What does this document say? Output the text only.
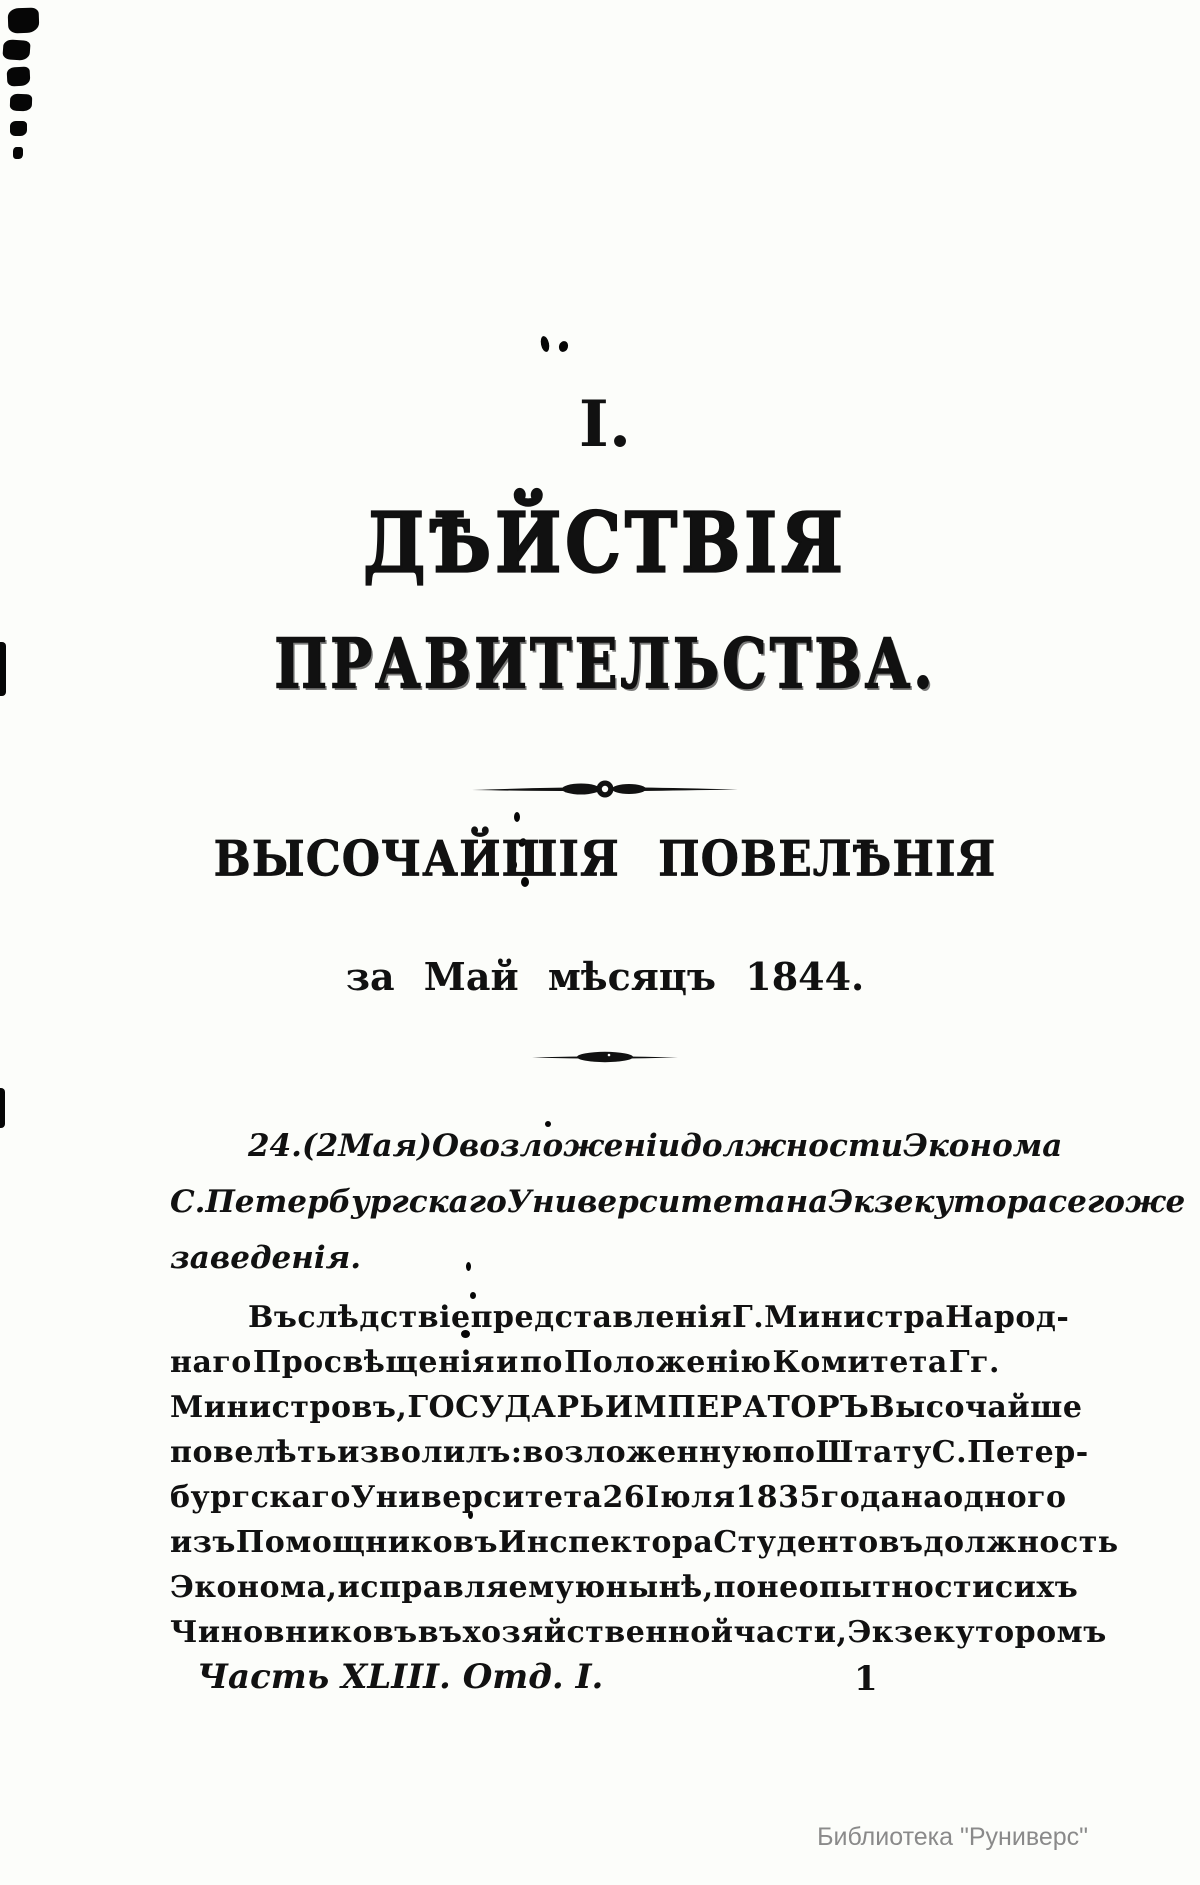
I.
ДѢЙСТВІЯ
ПРАВИТЕЛЬСТВА.
ВЫСОЧАЙШІЯ ПОВЕЛѢНІЯ
за Май мѣсяцъ 1844.
24. (2 Мая) О возложеніи должности Эконома
С. Петербургскаго Университета на Экзекутора сего же
заведенія.
Въ слѣдствіе представленія Г. Министра Народ-
наго Просвѣщенія и по Положенію Комитета Гг.
Министровъ, ГОСУДАРЬ ИМПЕРАТОРЪ Высочайше
повелѣть изволилъ: возложенную по Штату С. Петер-
бургскаго Университета 26 Іюля 1835 года на одного
изъ Помощниковъ Инспектора Студентовъ должность
Эконома, исправляемую нынѣ, по неопытности сихъ
Чиновниковъ въ хозяйственной части, Экзекуторомъ
Часть XLIII. Отд. I.	1
Библиотека "Руниверс"
